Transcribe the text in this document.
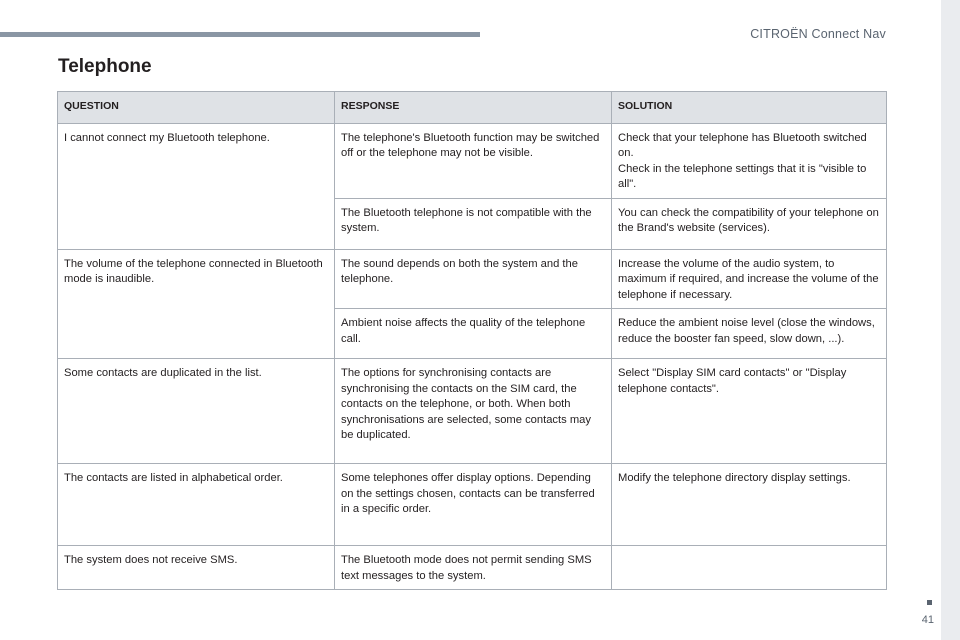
CITROËN Connect Nav
41
Telephone
QUESTION	RESPONSE	SOLUTION
I cannot connect my Bluetooth telephone.	The telephone's Bluetooth function may be switched off or the telephone may not be visible.	Check that your telephone has Bluetooth switched on.
Check in the telephone settings that it is "visible to all".
	The Bluetooth telephone is not compatible with the system.	You can check the compatibility of your telephone on the Brand's website (services).
The volume of the telephone connected in Bluetooth mode is inaudible.	The sound depends on both the system and the telephone.	Increase the volume of the audio system, to maximum if required, and increase the volume of the telephone if necessary.
	Ambient noise affects the quality of the telephone call.	Reduce the ambient noise level (close the windows, reduce the booster fan speed, slow down, ...).
Some contacts are duplicated in the list.	The options for synchronising contacts are synchronising the contacts on the SIM card, the contacts on the telephone, or both. When both synchronisations are selected, some contacts may be duplicated.	Select "Display SIM card contacts" or "Display telephone contacts".
The contacts are listed in alphabetical order.	Some telephones offer display options. Depending on the settings chosen, contacts can be transferred in a specific order.	Modify the telephone directory display settings.
The system does not receive SMS.	The Bluetooth mode does not permit sending SMS text messages to the system.	
